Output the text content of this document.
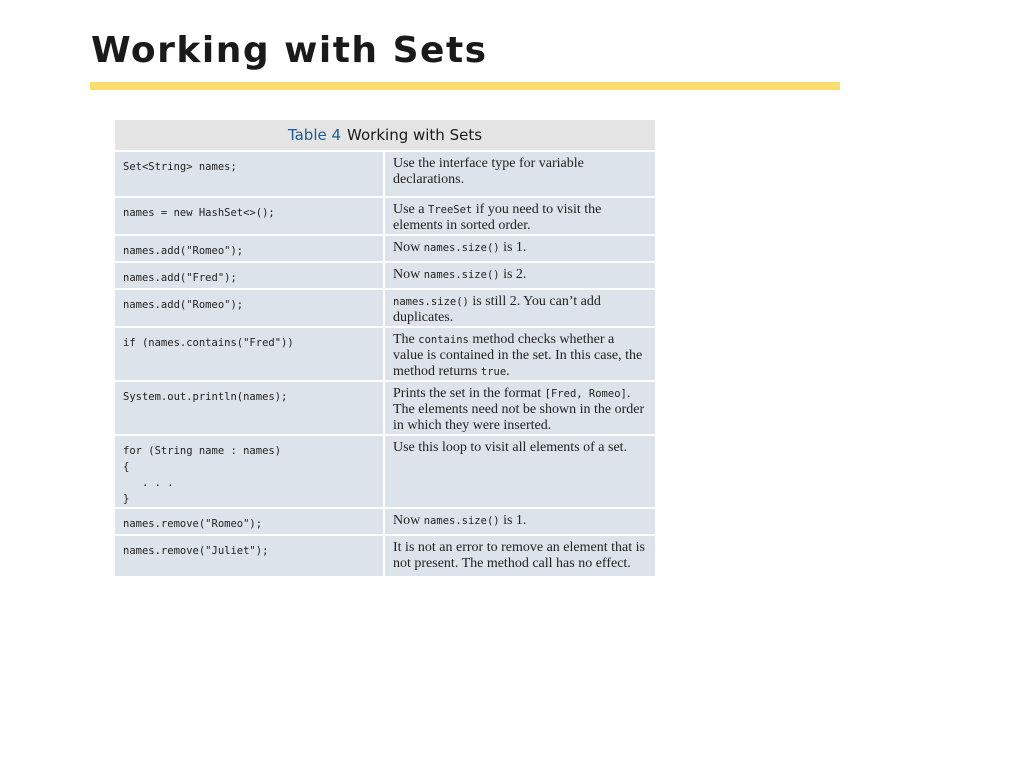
Working with Sets
Table 4 Working with Sets	
Set<String> names;	Use the interface type for variable declarations.
names = new HashSet<>();	Use a TreeSet if you need to visit the elements in sorted order.
names.add("Romeo");	Now names.size() is 1.
names.add("Fred");	Now names.size() is 2.
names.add("Romeo");	names.size() is still 2. You can’t add duplicates.
if (names.contains("Fred"))	The contains method checks whether a value is contained in the set. In this case, the method returns true.
System.out.println(names);	Prints the set in the format [Fred, Romeo]. The elements need not be shown in the order in which they were inserted.
for (String name : names)
{
. . .
}	Use this loop to visit all elements of a set.
names.remove("Romeo");	Now names.size() is 1.
names.remove("Juliet");	It is not an error to remove an element that is not present. The method call has no effect.
